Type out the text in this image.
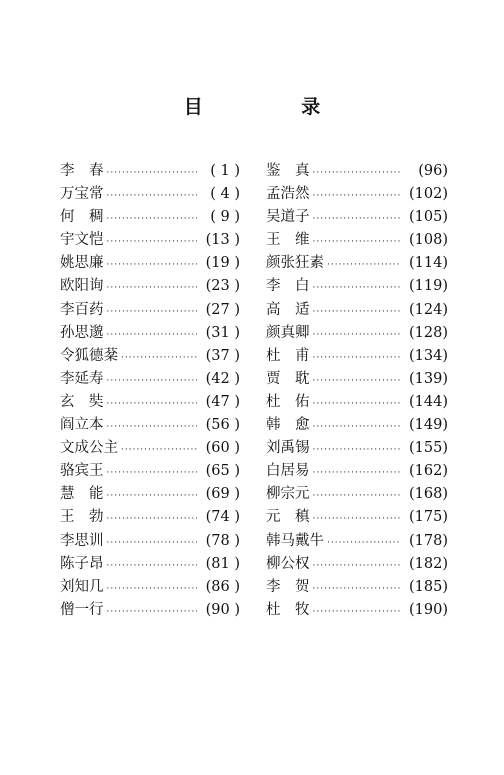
目 录
李　春 ·····	( 1 )
万宝常 ·····	( 4 )
何　稠 ·····	( 9 )
宇文恺 ·····	(13 )
姚思廉 ·····	(19 )
欧阳询 ·····	(23 )
李百药 ·····	(27 )
孙思邈 ·····	(31 )
令狐德棻 ·····	(37 )
李延寿 ·····	(42 )
玄　奘 ·····	(47 )
阎立本 ·····	(56 )
文成公主 ·····	(60 )
骆宾王 ·····	(65 )
慧　能 ·····	(69 )
王　勃 ·····	(74 )
李思训 ·····	(78 )
陈子昂 ·····	(81 )
刘知几 ·····	(86 )
僧一行 ·····	(90 )
鉴　真 ·····	(96)
孟浩然 ·····	(102)
吴道子 ·····	(105)
王　维 ·····	(108)
颜张狂素 ·····	(114)
李　白 ·····	(119)
高　适 ·····	(124)
颜真卿 ·····	(128)
杜　甫 ·····	(134)
贾　耽 ·····	(139)
杜　佑 ·····	(144)
韩　愈 ·····	(149)
刘禹锡 ·····	(155)
白居易 ·····	(162)
柳宗元 ·····	(168)
元　稹 ·····	(175)
韩马戴牛 ·····	(178)
柳公权 ·····	(182)
李　贺 ·····	(185)
杜　牧 ·····	(190)
